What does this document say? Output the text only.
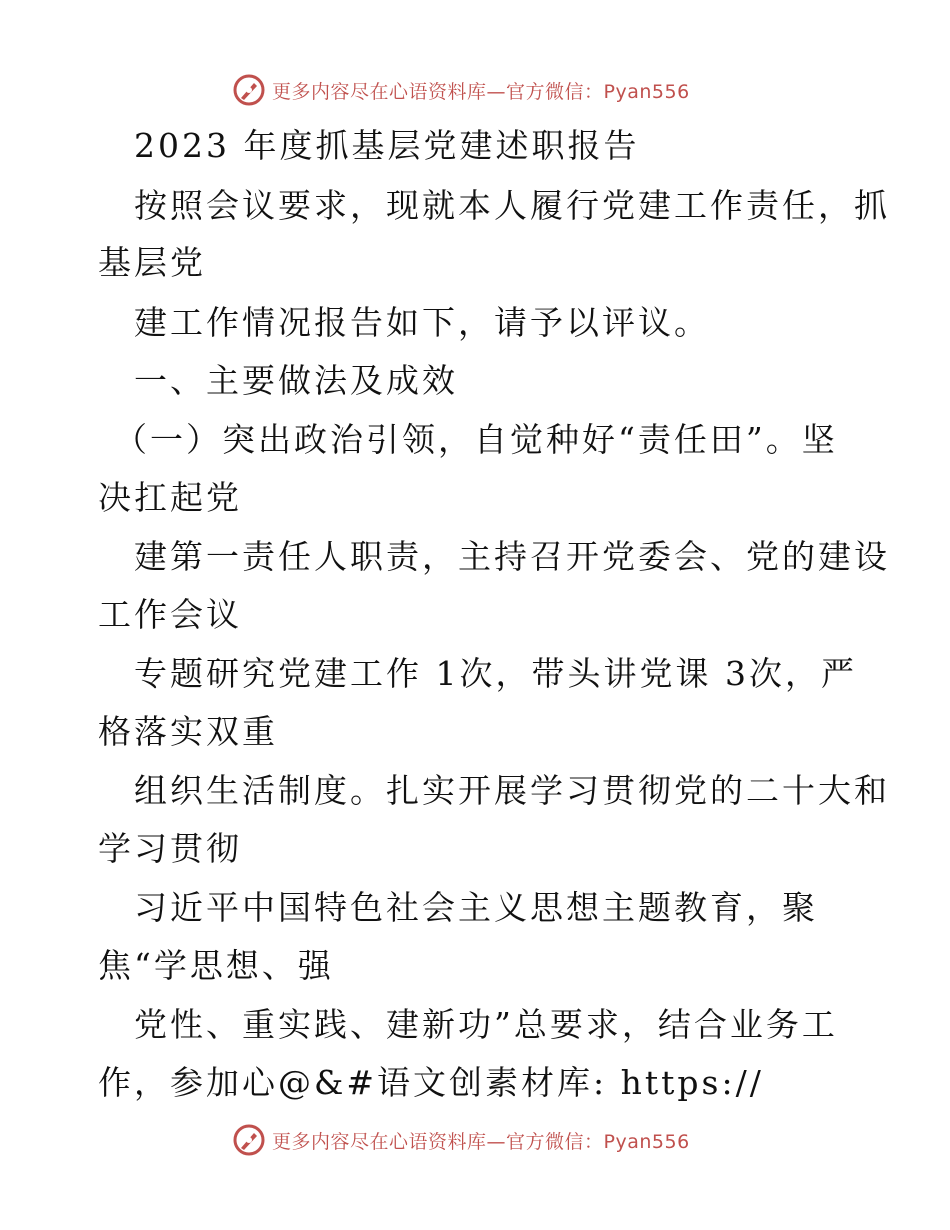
更多内容尽在心语资料库—官方微信：Pyan556
2023 年度抓基层党建述职报告
按照会议要求，现就本人履行党建工作责任，抓
基层党
建工作情况报告如下，请予以评议。
一、主要做法及成效
（一）突出政治引领，自觉种好“责任田”。坚
决扛起党
建第一责任人职责，主持召开党委会、党的建设
工作会议
专题研究党建工作 1次，带头讲党课 3次，严
格落实双重
组织生活制度。扎实开展学习贯彻党的二十大和
学习贯彻
习近平中国特色社会主义思想主题教育，聚
焦“学思想、强
党性、重实践、建新功”总要求，结合业务工
作，参加心@&#语文创素材库: https://
更多内容尽在心语资料库—官方微信：Pyan556
